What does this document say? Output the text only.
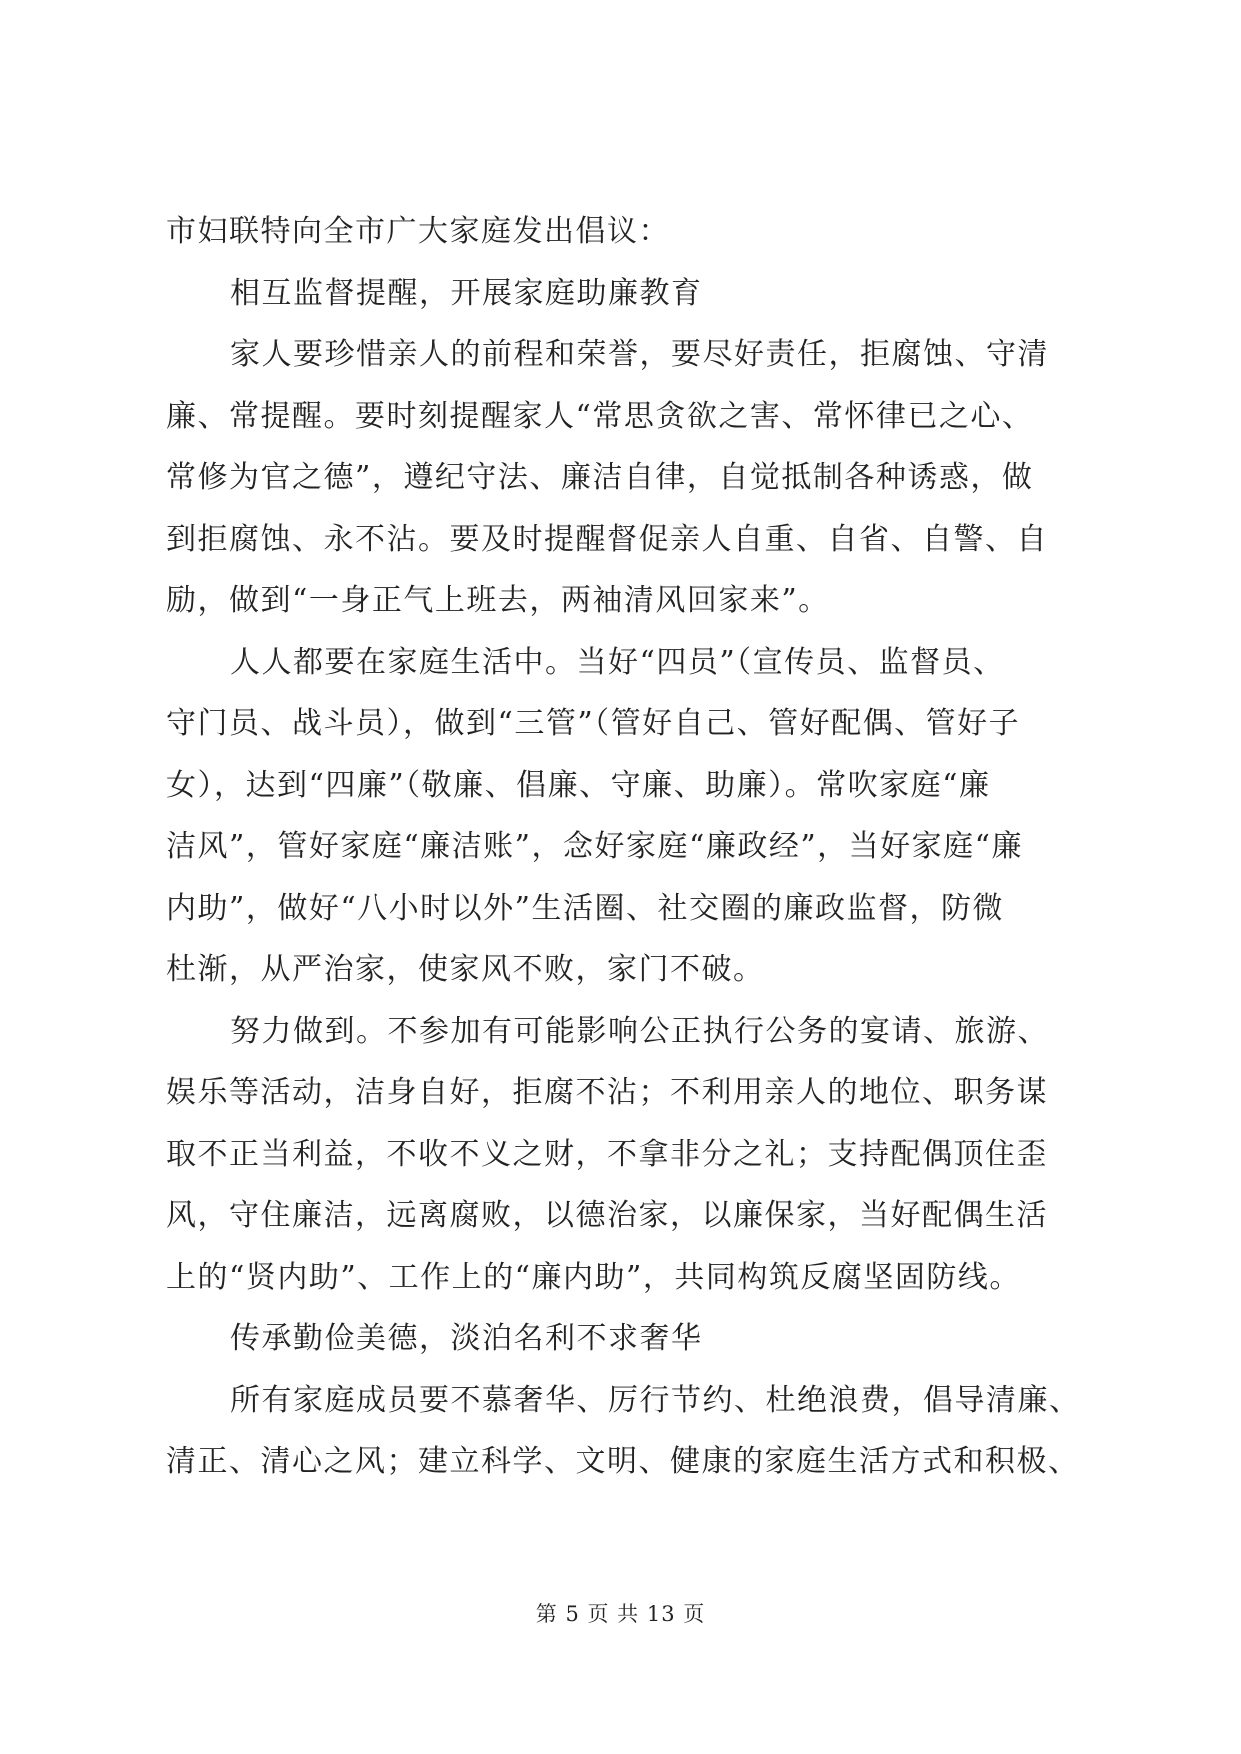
市妇联特向全市广大家庭发出倡议：
相互监督提醒，开展家庭助廉教育
家人要珍惜亲人的前程和荣誉，要尽好责任，拒腐蚀、守清
廉、常提醒。要时刻提醒家人“常思贪欲之害、常怀律已之心、
常修为官之德”，遵纪守法、廉洁自律，自觉抵制各种诱惑，做
到拒腐蚀、永不沾。要及时提醒督促亲人自重、自省、自警、自
励，做到“一身正气上班去，两袖清风回家来”。
人人都要在家庭生活中。当好“四员”（宣传员、监督员、
守门员、战斗员），做到“三管”（管好自己、管好配偶、管好子
女），达到“四廉”（敬廉、倡廉、守廉、助廉）。常吹家庭“廉
洁风”，管好家庭“廉洁账”，念好家庭“廉政经”，当好家庭“廉
内助”，做好“八小时以外”生活圈、社交圈的廉政监督，防微
杜渐，从严治家，使家风不败，家门不破。
努力做到。不参加有可能影响公正执行公务的宴请、旅游、
娱乐等活动，洁身自好，拒腐不沾；不利用亲人的地位、职务谋
取不正当利益，不收不义之财，不拿非分之礼；支持配偶顶住歪
风，守住廉洁，远离腐败，以德治家，以廉保家，当好配偶生活
上的“贤内助”、工作上的“廉内助”，共同构筑反腐坚固防线。
传承勤俭美德，淡泊名利不求奢华
所有家庭成员要不慕奢华、厉行节约、杜绝浪费，倡导清廉、
清正、清心之风；建立科学、文明、健康的家庭生活方式和积极、
第 5 页 共 13 页
